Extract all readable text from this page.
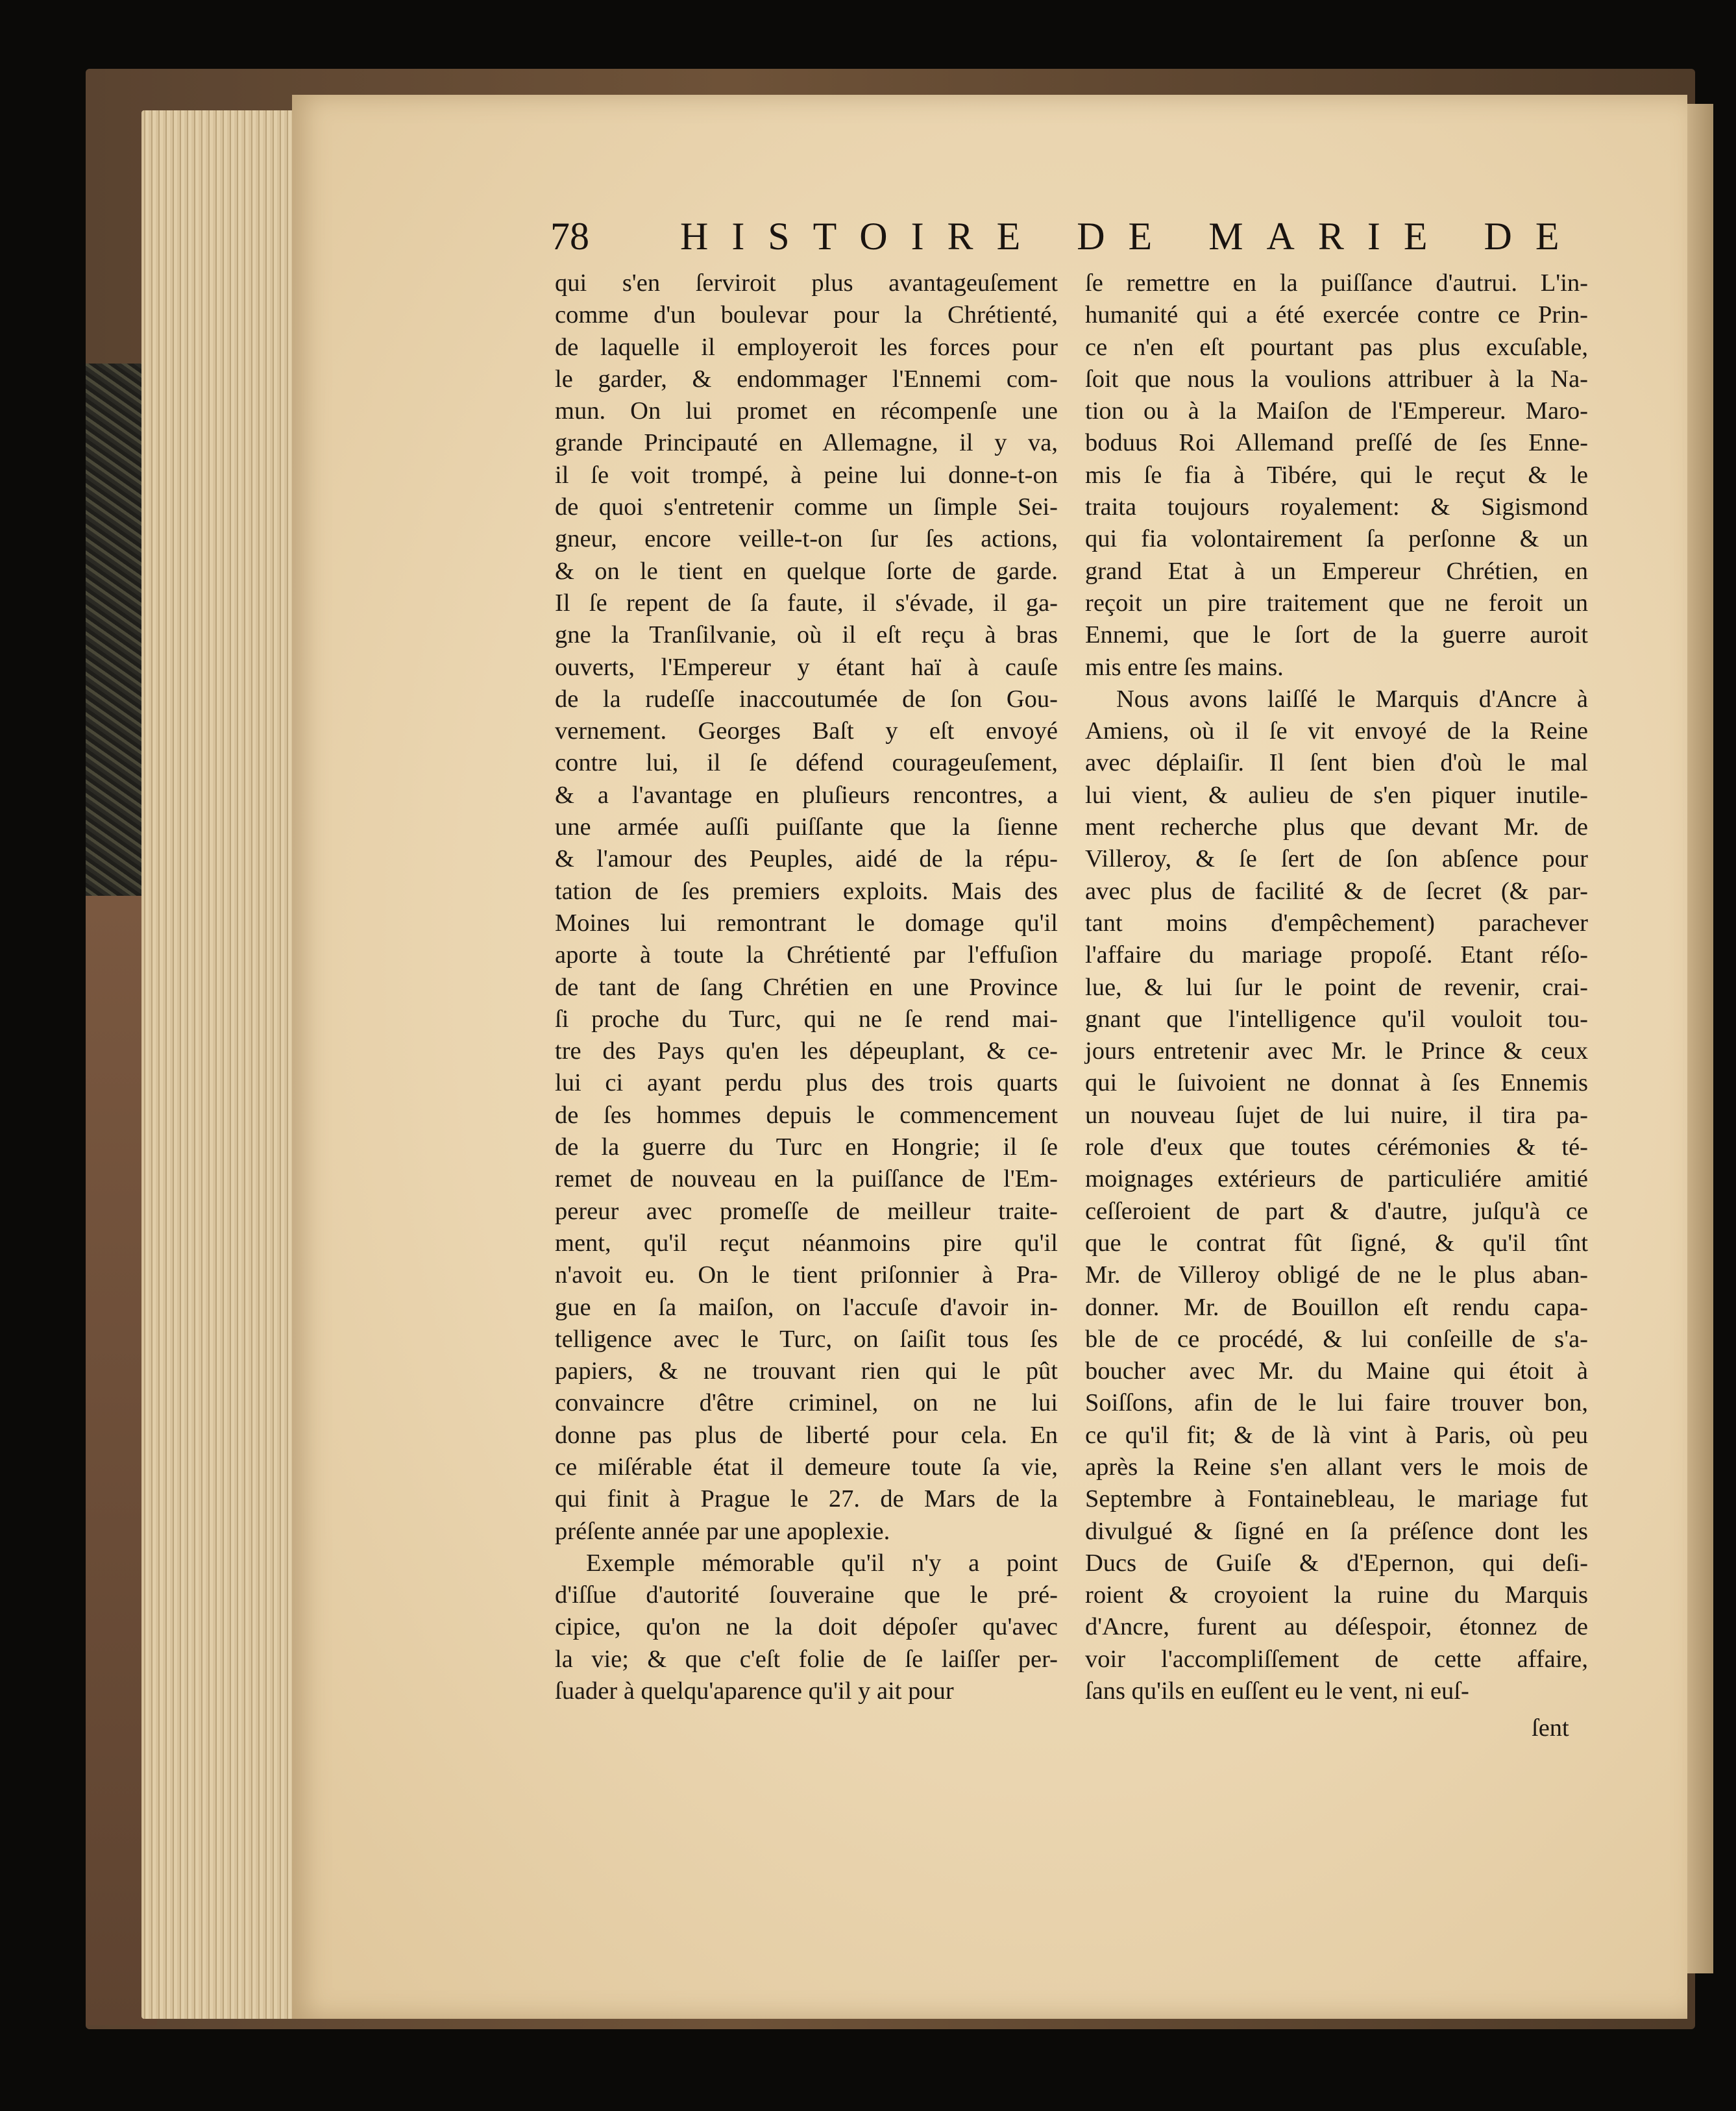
78 HISTOIRE DE MARIE DE
qui s'en ſerviroit plus avantageuſement
comme d'un boulevar pour la Chrétienté,
de laquelle il employeroit les forces pour
le garder, & endommager l'Ennemi com-
mun. On lui promet en récompenſe une
grande Principauté en Allemagne, il y va,
il ſe voit trompé, à peine lui donne-t-on
de quoi s'entretenir comme un ſimple Sei-
gneur, encore veille-t-on ſur ſes actions,
& on le tient en quelque ſorte de garde.
Il ſe repent de ſa faute, il s'évade, il ga-
gne la Tranſilvanie, où il eſt reçu à bras
ouverts, l'Empereur y étant haï à cauſe
de la rudeſſe inaccoutumée de ſon Gou-
vernement. Georges Baſt y eſt envoyé
contre lui, il ſe défend courageuſement,
& a l'avantage en pluſieurs rencontres, a
une armée auſſi puiſſante que la ſienne
& l'amour des Peuples, aidé de la répu-
tation de ſes premiers exploits. Mais des
Moines lui remontrant le domage qu'il
aporte à toute la Chrétienté par l'effuſion
de tant de ſang Chrétien en une Province
ſi proche du Turc, qui ne ſe rend mai-
tre des Pays qu'en les dépeuplant, & ce-
lui ci ayant perdu plus des trois quarts
de ſes hommes depuis le commencement
de la guerre du Turc en Hongrie; il ſe
remet de nouveau en la puiſſance de l'Em-
pereur avec promeſſe de meilleur traite-
ment, qu'il reçut néanmoins pire qu'il
n'avoit eu. On le tient priſonnier à Pra-
gue en ſa maiſon, on l'accuſe d'avoir in-
telligence avec le Turc, on ſaiſit tous ſes
papiers, & ne trouvant rien qui le pût
convaincre d'être criminel, on ne lui
donne pas plus de liberté pour cela. En
ce miſérable état il demeure toute ſa vie,
qui finit à Prague le 27. de Mars de la
préſente année par une apoplexie.
Exemple mémorable qu'il n'y a point
d'iſſue d'autorité ſouveraine que le pré-
cipice, qu'on ne la doit dépoſer qu'avec
la vie; & que c'eſt folie de ſe laiſſer per-
ſuader à quelqu'aparence qu'il y ait pour
ſe remettre en la puiſſance d'autrui. L'in-
humanité qui a été exercée contre ce Prin-
ce n'en eſt pourtant pas plus excuſable,
ſoit que nous la voulions attribuer à la Na-
tion ou à la Maiſon de l'Empereur. Maro-
boduus Roi Allemand preſſé de ſes Enne-
mis ſe fia à Tibére, qui le reçut & le
traita toujours royalement: & Sigismond
qui fia volontairement ſa perſonne & un
grand Etat à un Empereur Chrétien, en
reçoit un pire traitement que ne feroit un
Ennemi, que le ſort de la guerre auroit
mis entre ſes mains.
Nous avons laiſſé le Marquis d'Ancre à
Amiens, où il ſe vit envoyé de la Reine
avec déplaiſir. Il ſent bien d'où le mal
lui vient, & aulieu de s'en piquer inutile-
ment recherche plus que devant Mr. de
Villeroy, & ſe ſert de ſon abſence pour
avec plus de facilité & de ſecret (& par-
tant moins d'empêchement) parachever
l'affaire du mariage propoſé. Etant réſo-
lue, & lui ſur le point de revenir, crai-
gnant que l'intelligence qu'il vouloit tou-
jours entretenir avec Mr. le Prince & ceux
qui le ſuivoient ne donnat à ſes Ennemis
un nouveau ſujet de lui nuire, il tira pa-
role d'eux que toutes cérémonies & té-
moignages extérieurs de particuliére amitié
ceſſeroient de part & d'autre, juſqu'à ce
que le contrat fût ſigné, & qu'il tînt
Mr. de Villeroy obligé de ne le plus aban-
donner. Mr. de Bouillon eſt rendu capa-
ble de ce procédé, & lui conſeille de s'a-
boucher avec Mr. du Maine qui étoit à
Soiſſons, afin de le lui faire trouver bon,
ce qu'il fit; & de là vint à Paris, où peu
après la Reine s'en allant vers le mois de
Septembre à Fontainebleau, le mariage fut
divulgué & ſigné en ſa préſence dont les
Ducs de Guiſe & d'Epernon, qui deſi-
roient & croyoient la ruine du Marquis
d'Ancre, furent au déſespoir, étonnez de
voir l'accompliſſement de cette affaire,
ſans qu'ils en euſſent eu le vent, ni euſ-
ſent
